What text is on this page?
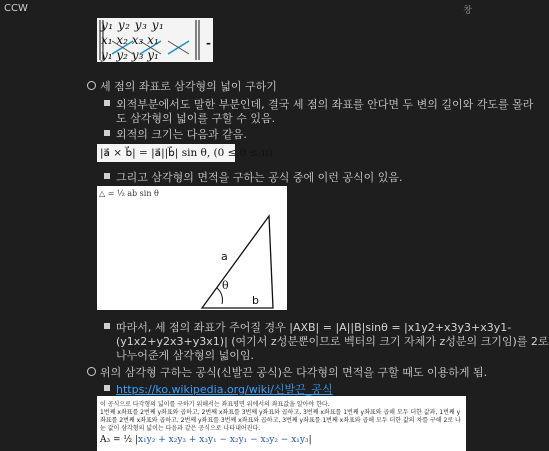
CCW	창
y₁ y₂ y₃ y₁
x₁ x₂ x₃ x₁
y₁ y₂ y₃ y₁
-
세 점의 좌표로 삼각형의 넓이 구하기
외적부분에서도 말한 부분인데, 결국 세 점의 좌표를 안다면 두 변의 길이와 각도를 몰라
도 삼각형의 넓이를 구할 수 있음.
외적의 크기는 다음과 같음.
|a⃗ × b⃗| = |a⃗||b⃗| sin θ, (0 ≤ θ ≤ π)
그리고 삼각형의 면적을 구하는 공식 중에 이런 공식이 있음.
△ = ½ ab sin θ
a
b
θ
따라서, 세 점의 좌표가 주어질 경우 |AXB| = |A||B|sinθ = |x1y2+x3y3+x3y1-
(y1x2+y2x3+y3x1)| (여기서 z성분뿐이므로 벡터의 크기 자체가 z성분의 크기임)를 2로
나누어준게 삼각형의 넓이임.
위의 삼각형 구하는 공식(신발끈 공식)은 다각형의 면적을 구할 때도 이용하게 됨.
https://ko.wikipedia.org/wiki/신발끈_공식
이 공식으로 다각형의 넓이를 구하기 위해서는 좌표평면 위에서의 좌표값을 알아야 한다.
1번째 x좌표를 2번째 y좌표와 곱하고, 2번째 x좌표를 3번째 y좌표와 곱하고, 3번째 x좌표를 1번째 y좌표와 곱해 모두 더한 값과, 1번째 y좌표를 2번째 x좌표와 곱하고, 2번째 y좌표를 3번째 x좌표와 곱하고, 3번째 y좌표를 1번째 x좌표와 곱해 모두 더한 값의 차를 구해 2로 나눈 값이 삼각형의 넓이는 다음과 같은 공식으로 나타내어진다.
A₃ = ½ |x₁y₂ + x₂y₃ + x₃y₁ − x₂y₁ − x₃y₂ − x₁y₃|
